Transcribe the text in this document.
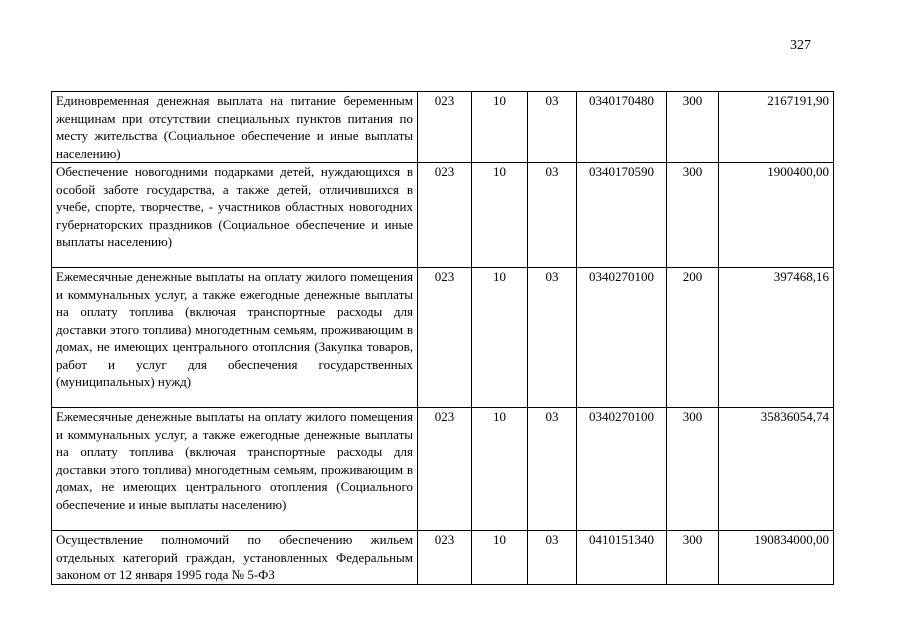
327
Единовременная денежная выплата на питание беременным женщинам при отсутствии специальных пунктов питания по месту жительства (Социальное обеспечение и иные выплаты населению)	023	10	03	0340170480	300	2167191,90
Обеспечение новогодними подарками детей, нуждающихся в особой заботе государства, а также детей, отличившихся в учебе, спорте, творчестве, - участников областных новогодних губернаторских праздников (Социальное обеспечение и иные выплаты населению)	023	10	03	0340170590	300	1900400,00
Ежемесячные денежные выплаты на оплату жилого помещения и коммунальных услуг, а также ежегодные денежные выплаты на оплату топлива (включая транспортные расходы для доставки этого топлива) многодетным семьям, проживающим в домах, не имеющих центрального отоплсния (Закупка товаров, работ и услуг для обеспечения государственных (муниципальных) нужд)	023	10	03	0340270100	200	397468,16
Ежемесячные денежные выплаты на оплату жилого помещения и коммунальных услуг, а также ежегодные денежные выплаты на оплату топлива (включая транспортные расходы для доставки этого топлива) многодетным семьям, проживающим в домах, не имеющих центрального отопления (Социального обеспечение и иные выплаты населению)	023	10	03	0340270100	300	35836054,74
Осуществление полномочий по обеспечению жильем отдельных категорий граждан, установленных Федеральным законом от 12 января 1995 года № 5-ФЗ	023	10	03	0410151340	300	190834000,00
